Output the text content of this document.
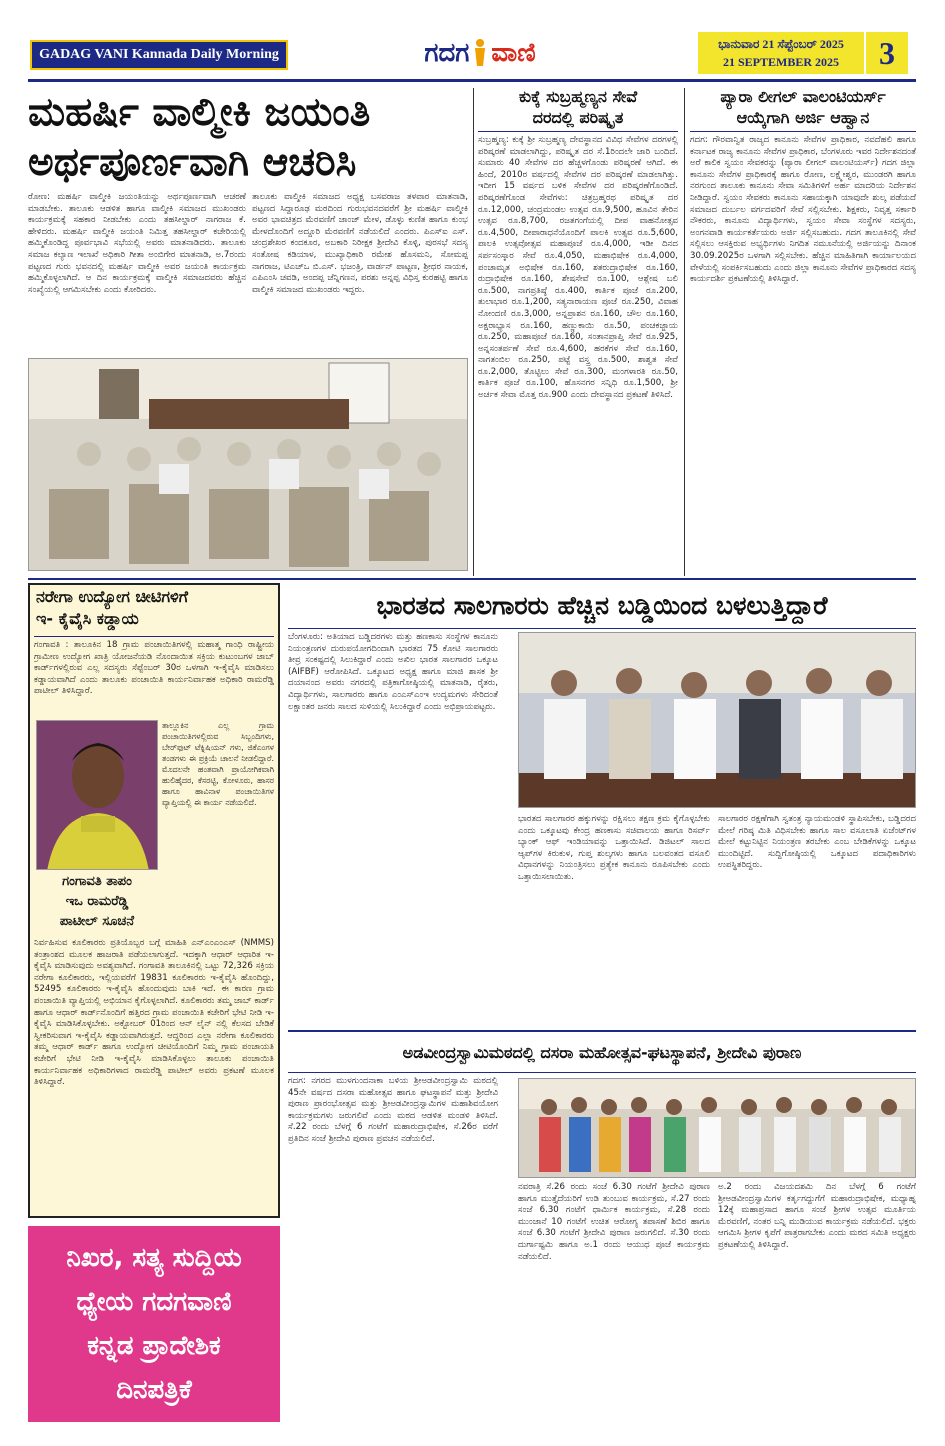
GADAG VANI Kannada Daily Morning	ಗದಗ ವಾಣಿ	ಭಾನುವಾರ 21 ಸೆಪ್ಟೆಂಬರ್ 2025
21 SEPTEMBER 2025	3
ಮಹರ್ಷಿ ವಾಲ್ಮೀಕಿ ಜಯಂತಿ
ಅರ್ಥಪೂರ್ಣವಾಗಿ ಆಚರಿಸಿ
ರೋಣ: ಮಹರ್ಷಿ ವಾಲ್ಮೀಕಿ ಜಯಂತಿಯನ್ನು ಅರ್ಥಪೂರ್ಣವಾಗಿ ಆಚರಣೆ ಮಾಡಬೇಕು. ತಾಲೂಕು ಆಡಳಿತ ಹಾಗೂ ವಾಲ್ಮೀಕಿ ಸಮಾಜದ ಮುಖಂಡರು ಕಾರ್ಯಕ್ರಮಕ್ಕೆ ಸಹಕಾರ ನೀಡಬೇಕು ಎಂದು ತಹಸೀಲ್ದಾರ್ ನಾಗರಾಜ ಕೆ. ಹೇಳಿದರು. ಮಹರ್ಷಿ ವಾಲ್ಮೀಕಿ ಜಯಂತಿ ನಿಮಿತ್ತ ತಹಸೀಲ್ದಾರ್ ಕಚೇರಿಯಲ್ಲಿ ಹಮ್ಮಿಕೊಂಡಿದ್ದ ಪೂರ್ವಭಾವಿ ಸಭೆಯಲ್ಲಿ ಅವರು ಮಾತನಾಡಿದರು. ತಾಲೂಕು ಸಮಾಜ ಕಲ್ಯಾಣ ಇಲಾಖೆ ಅಧಿಕಾರಿ ಗೀತಾ ಅಂಬಿಗೇರ ಮಾತನಾಡಿ, ಅ.7ರಂದು ಪಟ್ಟಣದ ಗುರು ಭವನದಲ್ಲಿ ಮಹರ್ಷಿ ವಾಲ್ಮೀಕಿ ಅವರ ಜಯಂತಿ ಕಾರ್ಯಕ್ರಮ ಹಮ್ಮಿಕೊಳ್ಳಲಾಗಿದೆ. ಆ ದಿನ ಕಾರ್ಯಕ್ರಮಕ್ಕೆ ವಾಲ್ಮೀಕಿ ಸಮಾಜದವರು ಹೆಚ್ಚಿನ ಸಂಖ್ಯೆಯಲ್ಲಿ ಆಗಮಿಸಬೇಕು ಎಂದು ಕೋರಿದರು.
ತಾಲೂಕು ವಾಲ್ಮೀಕಿ ಸಮಾಜದ ಅಧ್ಯಕ್ಷ ಬಸವರಾಜ ತಳವಾರ ಮಾತನಾಡಿ, ಪಟ್ಟಣದ ಸಿದ್ದಾರೂಢ ಮಠದಿಂದ ಗುರುಭವನದವರೆಗೆ ಶ್ರೀ ಮಹರ್ಷಿ ವಾಲ್ಮೀಕಿ ಅವರ ಭಾವಚಿತ್ರದ ಮೆರವಣಿಗೆ ಜಾಂಜ್ ಮೇಳ, ಡೊಳ್ಳು ಕುಣಿತ ಹಾಗೂ ಕುಂಭ ಮೇಳದೊಂದಿಗೆ ಅದ್ದೂರಿ ಮೆರವಣಿಗೆ ನಡೆಯಲಿದೆ ಎಂದರು. ಪಿಎಸ್ಐ ಎಸ್. ಚಂದ್ರಶೇಖರ ಕಂದಕೂರ, ಅಬಕಾರಿ ನಿರೀಕ್ಷಕ ಶ್ರೀದೇವಿ ಕೊಳ್ಳಿ, ಪುರಸಭೆ ಸದಸ್ಯ ಸಂತೋಷ ಕಡಿಯಾಳ, ಮುಖ್ಯಾಧಿಕಾರಿ ರಮೇಶ ಹೊಸಮನಿ, ಸೋಮಪ್ಪ ನಾಗರಾಜ, ಟಿಎಚ್‌ಒ ಬಿ.ಎಸ್. ಭಜಂತ್ರಿ, ವಾರ್ಡನ್ ಪಾಟ್ಟಣ, ಶ್ರೀಧರ ನಾಯಕ, ಎಪಿಎಂಸಿ ಚವಡಿ, ಅಂದಪ್ಪ ಚೆನ್ನಿಗಣನ, ಪರಶು ಅನ್ನಪ್ಪ ವಿಧಿಸ್ತ ಕುರಹಟ್ಟಿ ಹಾಗೂ ವಾಲ್ಮೀಕಿ ಸಮಾಜದ ಮುಖಂಡರು ಇದ್ದರು.
ಕುಕ್ಕೆ ಸುಬ್ರಹ್ಮಣ್ಯನ ಸೇವೆ
ದರದಲ್ಲಿ ಪರಿಷ್ಕೃತ
ಸುಬ್ರಹ್ಮಣ್ಯ: ಕುಕ್ಕೆ ಶ್ರೀ ಸುಬ್ರಹ್ಮಣ್ಯ ದೇವಸ್ಥಾನದ ವಿವಿಧ ಸೇವೆಗಳ ದರಗಳಲ್ಲಿ ಪರಿಷ್ಕರಣೆ ಮಾಡಲಾಗಿದ್ದು, ಪರಿಷ್ಕೃತ ದರ ಸೆ.1ರಿಂದಲೇ ಜಾರಿ ಬಂದಿದೆ. ಸುಮಾರು 40 ಸೇವೆಗಳ ದರ ಹೆಚ್ಚಳಗೊಂಡು ಪರಿಷ್ಕರಣೆ ಆಗಿದೆ. ಈ ಹಿಂದೆ, 2010ರ ವರ್ಷದಲ್ಲಿ ಸೇವೆಗಳ ದರ ಪರಿಷ್ಕರಣೆ ಮಾಡಲಾಗಿತ್ತು. ಇದೀಗ 15 ವರ್ಷದ ಬಳಿಕ ಸೇವೆಗಳ ದರ ಪರಿಷ್ಕರಣೆಗೊಂಡಿದೆ. ಪರಿಷ್ಕರಣೆಗೊಂಡ ಸೇವೆಗಳು: ಚಿತ್ರಬ್ರಹ್ಮರಥ ಪರಿಷ್ಕೃತ ದರ ರೂ.12,000, ಚಂದ್ರಮಂಡಲ ಉತ್ಸವ ರೂ.9,500, ಹೂವಿನ ತೇರಿನ ಉತ್ಸವ ರೂ.8,700, ರಜತಗಂಗೆಯಲ್ಲಿ ದೀಪ ವಾಹನೋತ್ಸವ ರೂ.4,500, ದೀಪಾರಾಧನೆಯೊಂದಿಗೆ ಪಾಲಕಿ ಉತ್ಸವ ರೂ.5,600, ಪಾಲಕಿ ಉತ್ಸವೋತ್ಸವ ಮಹಾಪೂಜೆ ರೂ.4,000, ಇಡೀ ದಿನದ ಸರ್ಪಸಂಸ್ಕಾರ ಸೇವೆ ರೂ.4,050, ಮಹಾಭಿಷೇಕ ರೂ.4,000, ಪಂಚಾಮೃತ ಅಭಿಷೇಕ ರೂ.160, ಶತರುದ್ರಾಭಿಷೇಕ ರೂ.160, ರುದ್ರಾಭಿಷೇಕ ರೂ.160, ಶೇಷಸೇವೆ ರೂ.100, ಆಶ್ಲೇಷ ಬಲಿ ರೂ.500, ನಾಗಪ್ರತಿಷ್ಠೆ ರೂ.400, ಕಾರ್ತಿಕ ಪೂಜೆ ರೂ.200, ತುಲಾಭಾರ ರೂ.1,200, ಸತ್ಯನಾರಾಯಣ ಪೂಜೆ ರೂ.250, ವಿವಾಹ ನೋಂದಣಿ ರೂ.3,000, ಅನ್ನಪ್ರಾಶನ ರೂ.160, ಚೌಲ ರೂ.160, ಅಕ್ಷರಾಭ್ಯಾಸ ರೂ.160, ಹಣ್ಣುಕಾಯಿ ರೂ.50, ಪಂಚಕಜ್ಜಾಯ ರೂ.250, ಮಹಾಪೂಜೆ ರೂ.160, ಸಂತಾನಪ್ರಾಪ್ತಿ ಸೇವೆ ರೂ.925, ಅನ್ನಸಂತರ್ಪಣೆ ಸೇವೆ ರೂ.4,600, ಹರಕೆಗಳ ಸೇವೆ ರೂ.160, ನಾಗತಂಬಿಲ ರೂ.250, ಪಟ್ಟೆ ವಸ್ತ್ರ ರೂ.500, ಶಾಶ್ವತ ಸೇವೆ ರೂ.2,000, ತೊಟ್ಟಿಲು ಸೇವೆ ರೂ.300, ಮಂಗಳಾರತಿ ರೂ.50, ಕಾರ್ತಿಕ ಪೂಜೆ ರೂ.100, ಹೊಸನಗರ ಸನ್ನಿಧಿ ರೂ.1,500, ಶ್ರೀ ಅರ್ಚಕ ಸೇವಾ ಮೊತ್ತ ರೂ.900 ಎಂದು ದೇವಸ್ಥಾನದ ಪ್ರಕಟಣೆ ತಿಳಿಸಿದೆ.
ಪ್ಯಾರಾ ಲೀಗಲ್ ವಾಲಂಟಿಯರ್ಸ್
ಆಯ್ಕೆಗಾಗಿ ಅರ್ಜಿ ಆಹ್ವಾನ
ಗದಗ: ಗೌರವಾನ್ವಿತ ರಾಜ್ಯದ ಕಾನೂನು ಸೇವೆಗಳ ಪ್ರಾಧಿಕಾರ, ನವದೆಹಲಿ ಹಾಗೂ ಕರ್ನಾಟಕ ರಾಜ್ಯ ಕಾನೂನು ಸೇವೆಗಳ ಪ್ರಾಧಿಕಾರ, ಬೆಂಗಳೂರು ಇವರ ನಿರ್ದೇಶನದಂತೆ ಅರೆ ಕಾಲಿಕ ಸ್ವಯಂ ಸೇವಕರನ್ನು (ಪ್ಯಾರಾ ಲೀಗಲ್ ವಾಲಂಟಿಯರ್ಸ್) ಗದಗ ಜಿಲ್ಲಾ ಕಾನೂನು ಸೇವೆಗಳ ಪ್ರಾಧಿಕಾರಕ್ಕೆ ಹಾಗೂ ರೋಣ, ಲಕ್ಷ್ಮೇಶ್ವರ, ಮುಂಡರಗಿ ಹಾಗೂ ನರಗುಂದ ತಾಲೂಕು ಕಾನೂನು ಸೇವಾ ಸಮಿತಿಗಳಿಗೆ ಅರ್ಹ ಮಾದರಿಯ ನಿರ್ದೇಶನ ನೀಡಿದ್ದಾರೆ. ಸ್ವಯಂ ಸೇವಕರು ಕಾನೂನು ಸಹಾಯಕ್ಕಾಗಿ ಯಾವುದೇ ಶುಲ್ಕ ಪಡೆಯದೆ ಸಮಾಜದ ದುರ್ಬಲ ವರ್ಗದವರಿಗೆ ಸೇವೆ ಸಲ್ಲಿಸಬೇಕು. ಶಿಕ್ಷಕರು, ನಿವೃತ್ತ ಸರ್ಕಾರಿ ನೌಕರರು, ಕಾನೂನು ವಿದ್ಯಾರ್ಥಿಗಳು, ಸ್ವಯಂ ಸೇವಾ ಸಂಸ್ಥೆಗಳ ಸದಸ್ಯರು, ಅಂಗನವಾಡಿ ಕಾರ್ಯಕರ್ತೆಯರು ಅರ್ಜಿ ಸಲ್ಲಿಸಬಹುದು. ಗದಗ ತಾಲೂಕಿನಲ್ಲಿ ಸೇವೆ ಸಲ್ಲಿಸಲು ಆಸಕ್ತಿರುವ ಅಭ್ಯರ್ಥಿಗಳು ನಿಗದಿತ ನಮೂನೆಯಲ್ಲಿ ಅರ್ಜಿಯನ್ನು ದಿನಾಂಕ 30.09.2025ರ ಒಳಗಾಗಿ ಸಲ್ಲಿಸಬೇಕು. ಹೆಚ್ಚಿನ ಮಾಹಿತಿಗಾಗಿ ಕಾರ್ಯಾಲಯದ ವೇಳೆಯಲ್ಲಿ ಸಂಪರ್ಕಿಸಬಹುದು ಎಂದು ಜಿಲ್ಲಾ ಕಾನೂನು ಸೇವೆಗಳ ಪ್ರಾಧಿಕಾರದ ಸದಸ್ಯ ಕಾರ್ಯದರ್ಶಿ ಪ್ರಕಟಣೆಯಲ್ಲಿ ತಿಳಿಸಿದ್ದಾರೆ.
ನರೇಗಾ ಉದ್ಯೋಗ ಚೀಟಿಗಳಿಗೆ
ಇ- ಕೈವೈಸಿ ಕಡ್ಡಾಯ
ಗಂಗಾವತಿ : ತಾಲೂಕಿನ 18 ಗ್ರಾಮ ಪಂಚಾಯಿತಿಗಳಲ್ಲಿ ಮಹಾತ್ಮ ಗಾಂಧಿ ರಾಷ್ಟ್ರೀಯ ಗ್ರಾಮೀಣ ಉದ್ಯೋಗ ಖಾತ್ರಿ ಯೋಜನೆಯಡಿ ನೊಂದಾಯಿತ ಸಕ್ರಿಯ ಕುಟುಂಬಗಳ ಜಾಬ್ ಕಾರ್ಡ್‌ಗಳಲ್ಲಿರುವ ಎಲ್ಲ ಸದಸ್ಯರು ಸೆಪ್ಟೆಂಬರ್ 30ರ ಒಳಗಾಗಿ ಇ-ಕೈವೈಸಿ ಮಾಡಿಸಲು ಕಡ್ಡಾಯವಾಗಿದೆ ಎಂದು ತಾಲೂಕು ಪಂಚಾಯಿತಿ ಕಾರ್ಯನಿರ್ವಾಹಕ ಅಧಿಕಾರಿ ರಾಮರೆಡ್ಡಿ ಪಾಟೀಲ್ ತಿಳಿಸಿದ್ದಾರೆ.
ತಾಲ್ಲೂಕಿನ ಎಲ್ಲ ಗ್ರಾಮ ಪಂಚಾಯಿತಿಗಳಲ್ಲಿರುವ ಸಿಬ್ಬಂದಿಗಳು, ಬೇರ್‌ಫುಟ್ ಟೆಕ್ನಿಷಿಯನ್ ಗಳು, ಜಿಕೆಎಂಗಳ ತಂಡಗಳು ಈ ಪ್ರಕ್ರಿಯೆ ಚಾಲನೆ ನೀಡಲಿದ್ದಾರೆ. ಮೊದಲನೇ ಹಂತವಾಗಿ ಪ್ರಾಯೋಗಿಕವಾಗಿ ಹುಲಿಹೈದರ, ಕೆಸರಟ್ಟಿ, ಕೋಳೂರು, ಹಾಸರ ಹಾಗೂ ಹಾವಿನಾಳ ಪಂಚಾಯಿತಿಗಳ ವ್ಯಾಪ್ತಿಯಲ್ಲಿ ಈ ಕಾರ್ಯ ನಡೆಯಲಿದೆ.
ಗಂಗಾವತಿ ತಾಪಂ
ಇಒ ರಾಮರೆಡ್ಡಿ
ಪಾಟೀಲ್ ಸೂಚನೆ
ನಿರ್ವಹಿಸುವ ಕೂಲಿಕಾರರು ಪ್ರತಿಯೊಬ್ಬರ ಬಗ್ಗೆ ಮಾಹಿತಿ ಎನ್‌ಎಂಎಂಎಸ್ (NMMS) ತಂತ್ರಾಂಶದ ಮೂಲಕ ಹಾಜರಾತಿ ಪಡೆಯಲಾಗುತ್ತದೆ. ಇದಕ್ಕಾಗಿ ಆಧಾರ್ ಆಧಾರಿತ ಇ-ಕೈವೈಸಿ ಮಾಡಿಸುವುದು ಅವಶ್ಯವಾಗಿದೆ. ಗಂಗಾವತಿ ತಾಲೂಕಿನಲ್ಲಿ ಒಟ್ಟು 72,326 ಸಕ್ರಿಯ ನರೇಗಾ ಕೂಲಿಕಾರರು, ಇಲ್ಲಿಯವರೆಗೆ 19831 ಕೂಲಿಕಾರರು ಇ-ಕೈವೈಸಿ ಹೊಂದಿದ್ದು, 52495 ಕೂಲಿಕಾರರು ಇ-ಕೈವೈಸಿ ಹೊಂದುವುದು ಬಾಕಿ ಇದೆ. ಈ ಕಾರಣ ಗ್ರಾಮ ಪಂಚಾಯಿತಿ ವ್ಯಾಪ್ತಿಯಲ್ಲಿ ಅಭಿಯಾನ ಕೈಗೊಳ್ಳಲಾಗಿದೆ. ಕೂಲಿಕಾರರು ತಮ್ಮ ಜಾಬ್ ಕಾರ್ಡ್ ಹಾಗೂ ಆಧಾರ್ ಕಾರ್ಡ್‌ನೊಂದಿಗೆ ಹತ್ತಿರದ ಗ್ರಾಮ ಪಂಚಾಯಿತಿ ಕಚೇರಿಗೆ ಭೇಟಿ ನೀಡಿ ಇ-ಕೈವೈಸಿ ಮಾಡಿಸಿಕೊಳ್ಳಬೇಕು. ಅಕ್ಟೋಬರ್ 01ರಿಂದ ಆನ್ ಲೈನ್ ನಲ್ಲಿ ಕೆಲಸದ ಬೇಡಿಕೆ ಸ್ವೀಕರಿಸುವಾಗ ಇ-ಕೈವೈಸಿ ಕಡ್ಡಾಯವಾಗಿರುತ್ತದೆ. ಆದ್ದರಿಂದ ಎಲ್ಲಾ ನರೇಗಾ ಕೂಲಿಕಾರರು ತಮ್ಮ ಆಧಾರ್ ಕಾರ್ಡ್ ಹಾಗೂ ಉದ್ಯೋಗ ಚೀಟಿಯೊಂದಿಗೆ ನಿಮ್ಮ ಗ್ರಾಮ ಪಂಚಾಯತಿ ಕಚೇರಿಗೆ ಭೇಟಿ ನೀಡಿ ಇ-ಕೈವೈಸಿ ಮಾಡಿಸಿಕೊಳ್ಳಲು ತಾಲೂಕು ಪಂಚಾಯಿತಿ ಕಾರ್ಯನಿರ್ವಾಹಕ ಅಧಿಕಾರಿಗಳಾದ ರಾಮರೆಡ್ಡಿ ಪಾಟೀಲ್ ಅವರು ಪ್ರಕಟಣೆ ಮೂಲಕ ತಿಳಿಸಿದ್ದಾರೆ.
ಭಾರತದ ಸಾಲಗಾರರು ಹೆಚ್ಚಿನ ಬಡ್ಡಿಯಿಂದ ಬಳಲುತ್ತಿದ್ದಾರೆ
ಬೆಂಗಳೂರು: ಅತಿಯಾದ ಬಡ್ಡಿದರಗಳು ಮತ್ತು ಹಣಕಾಸು ಸಂಸ್ಥೆಗಳ ಕಾನೂನು ನಿಯಂತ್ರಣಗಳ ದುರುಪಯೋಗದಿಂದಾಗಿ ಭಾರತದ 75 ಕೋಟಿ ಸಾಲಗಾರರು ತೀವ್ರ ಸಂಕಷ್ಟದಲ್ಲಿ ಸಿಲುಕಿದ್ದಾರೆ ಎಂದು ಅಖಿಲ ಭಾರತ ಸಾಲಗಾರರ ಒಕ್ಕೂಟ (AIFBF) ಆರೋಪಿಸಿದೆ. ಒಕ್ಕೂಟದ ಅಧ್ಯಕ್ಷ ಹಾಗೂ ಮಾಜಿ ಶಾಸಕ ಶ್ರೀ ದಯಾನಂದ ಅವರು ನಗರದಲ್ಲಿ ಪತ್ರಿಕಾಗೋಷ್ಠಿಯಲ್ಲಿ ಮಾತನಾಡಿ, ರೈತರು, ವಿದ್ಯಾರ್ಥಿಗಳು, ಸಾಲಗಾರರು ಹಾಗೂ ಎಂಎಸ್ಎಂಇ ಉದ್ಯಮಗಳು ಸೇರಿದಂತೆ ಲಕ್ಷಾಂತರ ಜನರು ಸಾಲದ ಸುಳಿಯಲ್ಲಿ ಸಿಲುಕಿದ್ದಾರೆ ಎಂದು ಅಭಿಪ್ರಾಯಪಟ್ಟರು.
ಭಾರತದ ಸಾಲಗಾರರ ಹಕ್ಕುಗಳನ್ನು ರಕ್ಷಿಸಲು ತಕ್ಷಣ ಕ್ರಮ ಕೈಗೊಳ್ಳಬೇಕು ಎಂದು ಒಕ್ಕೂಟವು ಕೇಂದ್ರ ಹಣಕಾಸು ಸಚಿವಾಲಯ ಹಾಗೂ ರಿಸರ್ವ್ ಬ್ಯಾಂಕ್ ಆಫ್ ಇಂಡಿಯಾವನ್ನು ಒತ್ತಾಯಿಸಿದೆ. ಡಿಜಿಟಲ್ ಸಾಲದ ಆ್ಯಪ್‌ಗಳ ಕಿರುಕುಳ, ಗುಪ್ತ ಶುಲ್ಕಗಳು ಹಾಗೂ ಬಲವಂತದ ವಸೂಲಿ ವಿಧಾನಗಳನ್ನು ನಿಯಂತ್ರಿಸಲು ಪ್ರತ್ಯೇಕ ಕಾನೂನು ರೂಪಿಸಬೇಕು ಎಂದು ಒತ್ತಾಯಿಸಲಾಯಿತು.
ಸಾಲಗಾರರ ರಕ್ಷಣೆಗಾಗಿ ಸ್ವತಂತ್ರ ನ್ಯಾಯಮಂಡಳಿ ಸ್ಥಾಪಿಸಬೇಕು, ಬಡ್ಡಿದರದ ಮೇಲೆ ಗರಿಷ್ಠ ಮಿತಿ ವಿಧಿಸಬೇಕು ಹಾಗೂ ಸಾಲ ವಸೂಲಾತಿ ಏಜೆಂಟ್‌ಗಳ ಮೇಲೆ ಕಟ್ಟುನಿಟ್ಟಿನ ನಿಯಂತ್ರಣ ತರಬೇಕು ಎಂಬ ಬೇಡಿಕೆಗಳನ್ನು ಒಕ್ಕೂಟ ಮುಂದಿಟ್ಟಿದೆ. ಸುದ್ದಿಗೋಷ್ಠಿಯಲ್ಲಿ ಒಕ್ಕೂಟದ ಪದಾಧಿಕಾರಿಗಳು ಉಪಸ್ಥಿತರಿದ್ದರು.
ಅಡವೀಂದ್ರಸ್ವಾಮಿಮಠದಲ್ಲಿ ದಸರಾ ಮಹೋತ್ಸವ-ಘಟಸ್ಥಾಪನೆ, ಶ್ರೀದೇವಿ ಪುರಾಣ
ಗದಗ: ನಗರದ ಮುಳಗುಂದನಾಕಾ ಬಳಿಯ ಶ್ರೀಅಡವೀಂದ್ರಸ್ವಾಮಿ ಮಠದಲ್ಲಿ 45ನೇ ವರ್ಷದ ದಸರಾ ಮಹೋತ್ಸವ ಹಾಗೂ ಘಟಸ್ಥಾಪನೆ ಮತ್ತು ಶ್ರೀದೇವಿ ಪುರಾಣ ಪ್ರಾರಂಭೋತ್ಸವ ಮತ್ತು ಶ್ರೀಅಡವೀಂದ್ರಸ್ವಾಮಿಗಳ ಮಹಾಶಿವಯೋಗ ಕಾರ್ಯಕ್ರಮಗಳು ಜರುಗಲಿವೆ ಎಂದು ಮಠದ ಆಡಳಿತ ಮಂಡಳಿ ತಿಳಿಸಿದೆ. ಸೆ.22 ರಂದು ಬೆಳಗ್ಗೆ 6 ಗಂಟೆಗೆ ಮಹಾರುದ್ರಾಭಿಷೇಕ, ಸೆ.26ರ ವರೆಗೆ ಪ್ರತಿದಿನ ಸಂಜೆ ಶ್ರೀದೇವಿ ಪುರಾಣ ಪ್ರವಚನ ನಡೆಯಲಿದೆ.
ನವರಾತ್ರಿ ಸೆ.26 ರಂದು ಸಂಜೆ 6.30 ಗಂಟೆಗೆ ಶ್ರೀದೇವಿ ಪುರಾಣ ಹಾಗೂ ಮುತ್ತೈದೆಯರಿಗೆ ಉಡಿ ತುಂಬುವ ಕಾರ್ಯಕ್ರಮ, ಸೆ.27 ರಂದು ಸಂಜೆ 6.30 ಗಂಟೆಗೆ ಧಾರ್ಮಿಕ ಕಾರ್ಯಕ್ರಮ, ಸೆ.28 ರಂದು ಮುಂಜಾನೆ 10 ಗಂಟೆಗೆ ಉಚಿತ ಆರೋಗ್ಯ ತಪಾಸಣೆ ಶಿಬಿರ ಹಾಗೂ ಸಂಜೆ 6.30 ಗಂಟೆಗೆ ಶ್ರೀದೇವಿ ಪುರಾಣ ಜರುಗಲಿದೆ. ಸೆ.30 ರಂದು ದುರ್ಗಾಷ್ಟಮಿ ಹಾಗೂ ಅ.1 ರಂದು ಆಯುಧ ಪೂಜೆ ಕಾರ್ಯಕ್ರಮ ನಡೆಯಲಿದೆ.
ಅ.2 ರಂದು ವಿಜಯದಶಮಿ ದಿನ ಬೆಳಗ್ಗೆ 6 ಗಂಟೆಗೆ ಶ್ರೀಅಡವೀಂದ್ರಸ್ವಾಮಿಗಳ ಕರ್ತೃಗದ್ದುಗೆಗೆ ಮಹಾರುದ್ರಾಭಿಷೇಕ, ಮಧ್ಯಾಹ್ನ 12ಕ್ಕೆ ಮಹಾಪ್ರಸಾದ ಹಾಗೂ ಸಂಜೆ ಶ್ರೀಗಳ ಉತ್ಸವ ಮೂರ್ತಿಯ ಮೆರವಣಿಗೆ, ನಂತರ ಬನ್ನಿ ಮುಡಿಯುವ ಕಾರ್ಯಕ್ರಮ ನಡೆಯಲಿದೆ. ಭಕ್ತರು ಆಗಮಿಸಿ ಶ್ರೀಗಳ ಕೃಪೆಗೆ ಪಾತ್ರರಾಗಬೇಕು ಎಂದು ಮಠದ ಸಮಿತಿ ಅಧ್ಯಕ್ಷರು ಪ್ರಕಟಣೆಯಲ್ಲಿ ತಿಳಿಸಿದ್ದಾರೆ.
ನಿಖರ, ಸತ್ಯ ಸುದ್ದಿಯ
ಧ್ಯೇಯ ಗದಗವಾಣಿ
ಕನ್ನಡ ಪ್ರಾದೇಶಿಕ
ದಿನಪತ್ರಿಕೆ
